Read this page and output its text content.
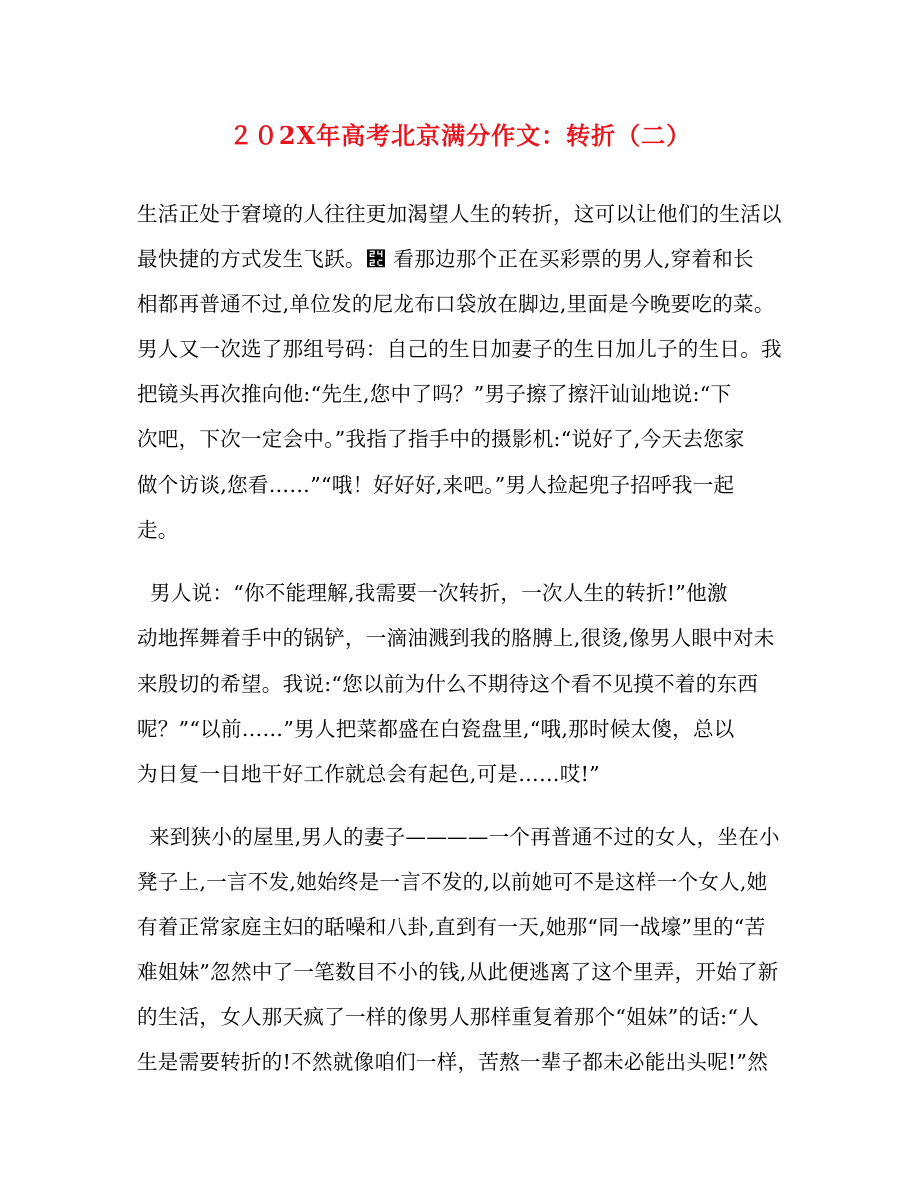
２０2X年高考北京满分作文：转折（二）
生活正处于窘境的人往往更加渴望人生的转折，这可以让他们的生活以
最快捷的方式发生飞跃。␬ 看那边那个正在买彩票的男人,穿着和长
相都再普通不过,单位发的尼龙布口袋放在脚边,里面是今晚要吃的菜。
男人又一次选了那组号码：自己的生日加妻子的生日加儿子的生日。我
把镜头再次推向他:“先生,您中了吗？”男子擦了擦汗讪讪地说:“下
次吧，下次一定会中。”我指了指手中的摄影机:“说好了,今天去您家
做个访谈,您看……”“哦！好好好,来吧。”男人捡起兜子招呼我一起
走。
男人说：“你不能理解,我需要一次转折，一次人生的转折!”他激
动地挥舞着手中的锅铲，一滴油溅到我的胳膊上,很烫,像男人眼中对未
来殷切的希望。我说:“您以前为什么不期待这个看不见摸不着的东西
呢？”“以前……”男人把菜都盛在白瓷盘里,“哦,那时候太傻，总以
为日复一日地干好工作就总会有起色,可是……哎!”
来到狭小的屋里,男人的妻子————一个再普通不过的女人，坐在小
凳子上,一言不发,她始终是一言不发的,以前她可不是这样一个女人,她
有着正常家庭主妇的聒噪和八卦,直到有一天,她那“同一战壕”里的“苦
难姐妹”忽然中了一笔数目不小的钱,从此便逃离了这个里弄，开始了新
的生活，女人那天疯了一样的像男人那样重复着那个“姐妹”的话:“人
生是需要转折的!不然就像咱们一样，苦熬一辈子都未必能出头呢!”然
